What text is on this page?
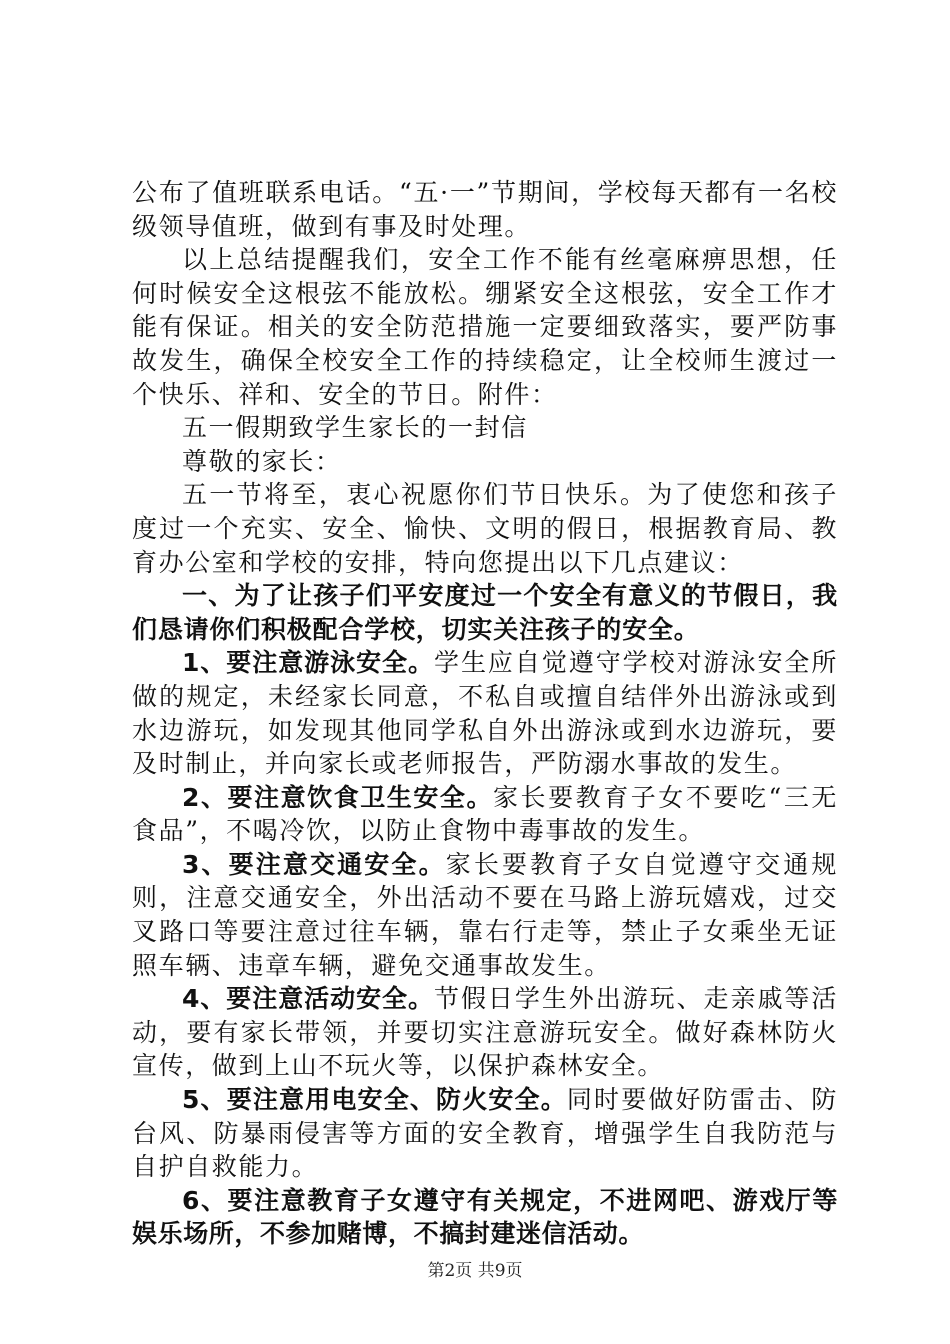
公布了值班联系电话。“五·一”节期间，学校每天都有一名校级领导值班，做到有事及时处理。

以上总结提醒我们，安全工作不能有丝毫麻痹思想，任何时候安全这根弦不能放松。绷紧安全这根弦，安全工作才能有保证。相关的安全防范措施一定要细致落实，要严防事故发生，确保全校安全工作的持续稳定，让全校师生渡过一个快乐、祥和、安全的节日。附件：

五一假期致学生家长的一封信

尊敬的家长：

五一节将至，衷心祝愿你们节日快乐。为了使您和孩子度过一个充实、安全、愉快、文明的假日，根据教育局、教育办公室和学校的安排，特向您提出以下几点建议：

一、为了让孩子们平安度过一个安全有意义的节假日，我们恳请你们积极配合学校，切实关注孩子的安全。

1、要注意游泳安全。学生应自觉遵守学校对游泳安全所做的规定，未经家长同意，不私自或擅自结伴外出游泳或到水边游玩，如发现其他同学私自外出游泳或到水边游玩，要及时制止，并向家长或老师报告，严防溺水事故的发生。

2、要注意饮食卫生安全。家长要教育子女不要吃“三无食品”，不喝冷饮，以防止食物中毒事故的发生。

3、要注意交通安全。家长要教育子女自觉遵守交通规则，注意交通安全，外出活动不要在马路上游玩嬉戏，过交叉路口等要注意过往车辆，靠右行走等，禁止子女乘坐无证照车辆、违章车辆，避免交通事故发生。

4、要注意活动安全。节假日学生外出游玩、走亲戚等活动，要有家长带领，并要切实注意游玩安全。做好森林防火宣传，做到上山不玩火等，以保护森林安全。

5、要注意用电安全、防火安全。同时要做好防雷击、防台风、防暴雨侵害等方面的安全教育，增强学生自我防范与自护自救能力。

6、要注意教育子女遵守有关规定，不进网吧、游戏厅等娱乐场所，不参加赌博，不搞封建迷信活动。

第2页 共9页
